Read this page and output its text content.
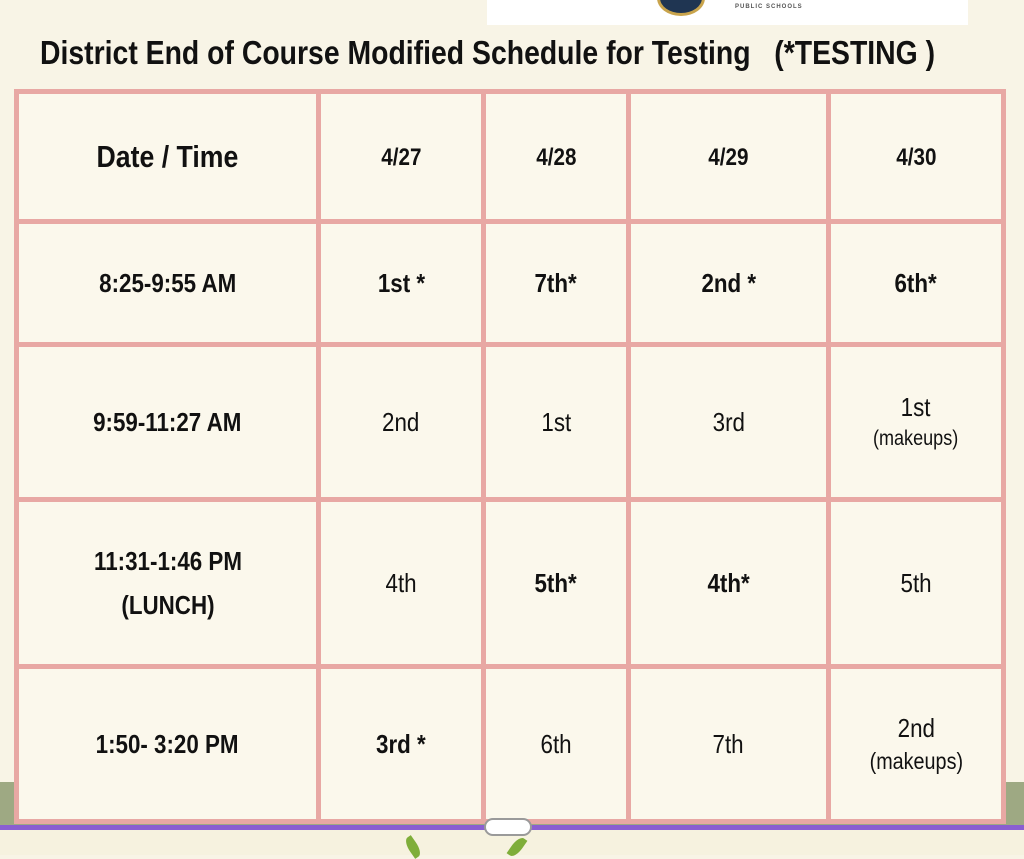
PUBLIC SCHOOLS
District End of Course Modified Schedule for Testing   (*TESTING )
Date / Time	4/27	4/28	4/29	4/30
8:25-9:55 AM	1st *	7th*	2nd *	6th*
9:59-11:27 AM	2nd	1st	3rd	1st
(makeups)

11:31-1:46 PM
(LUNCH)	4th	5th*	4th*	5th
1:50- 3:20 PM	3rd *	6th	7th	2nd
(makeups)
